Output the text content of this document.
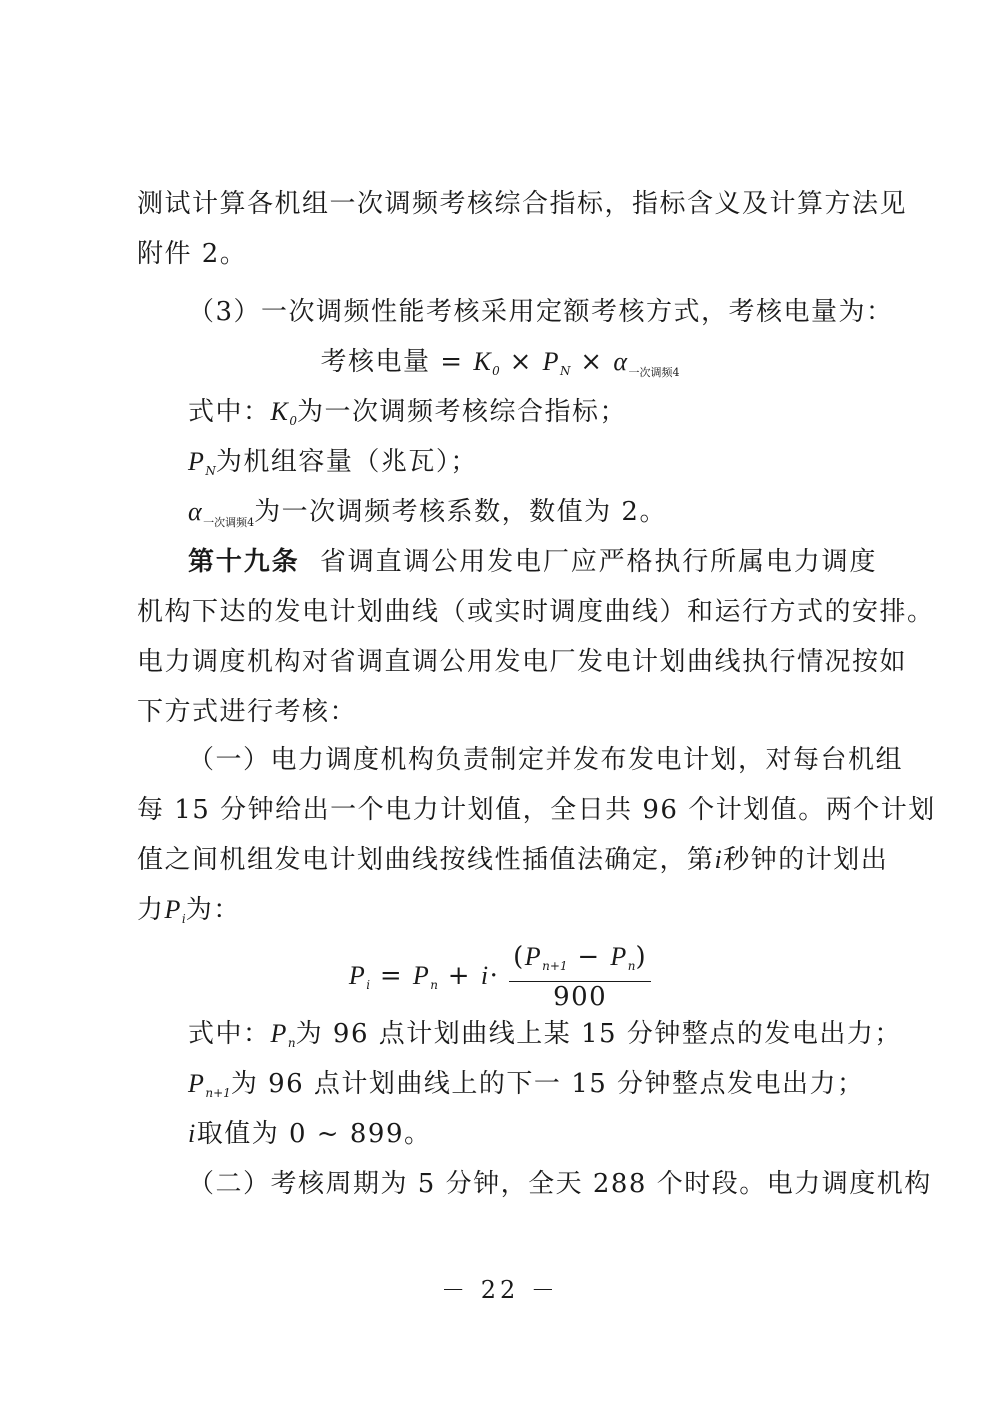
测试计算各机组一次调频考核综合指标，指标含义及计算方法见
附件 2。
（3）一次调频性能考核采用定额考核方式，考核电量为：
考核电量 = $K_0 \times P_N \times \alpha_{一次调频4}$
式中：$K_0$为一次调频考核综合指标；
$P_N$为机组容量（兆瓦）；
$\alpha_{一次调频4}$为一次调频考核系数，数值为 2。
第十九条 省调直调公用发电厂应严格执行所属电力调度
机构下达的发电计划曲线（或实时调度曲线）和运行方式的安排。
电力调度机构对省调直调公用发电厂发电计划曲线执行情况按如
下方式进行考核：
（一）电力调度机构负责制定并发布发电计划，对每台机组
每 15 分钟给出一个电力计划值，全日共 96 个计划值。两个计划
值之间机组发电计划曲线按线性插值法确定，第i秒钟的计划出
力$P_i$为：
$P_i = P_n + i\cdot \frac{(P_{n+1} - P_n)}{900}$
式中：$P_n$为 96 点计划曲线上某 15 分钟整点的发电出力；
$P_{n+1}$为 96 点计划曲线上的下一 15 分钟整点发电出力；
i取值为 0 ~ 899。
（二）考核周期为 5 分钟，全天 288 个时段。电力调度机构
－ 22 －
